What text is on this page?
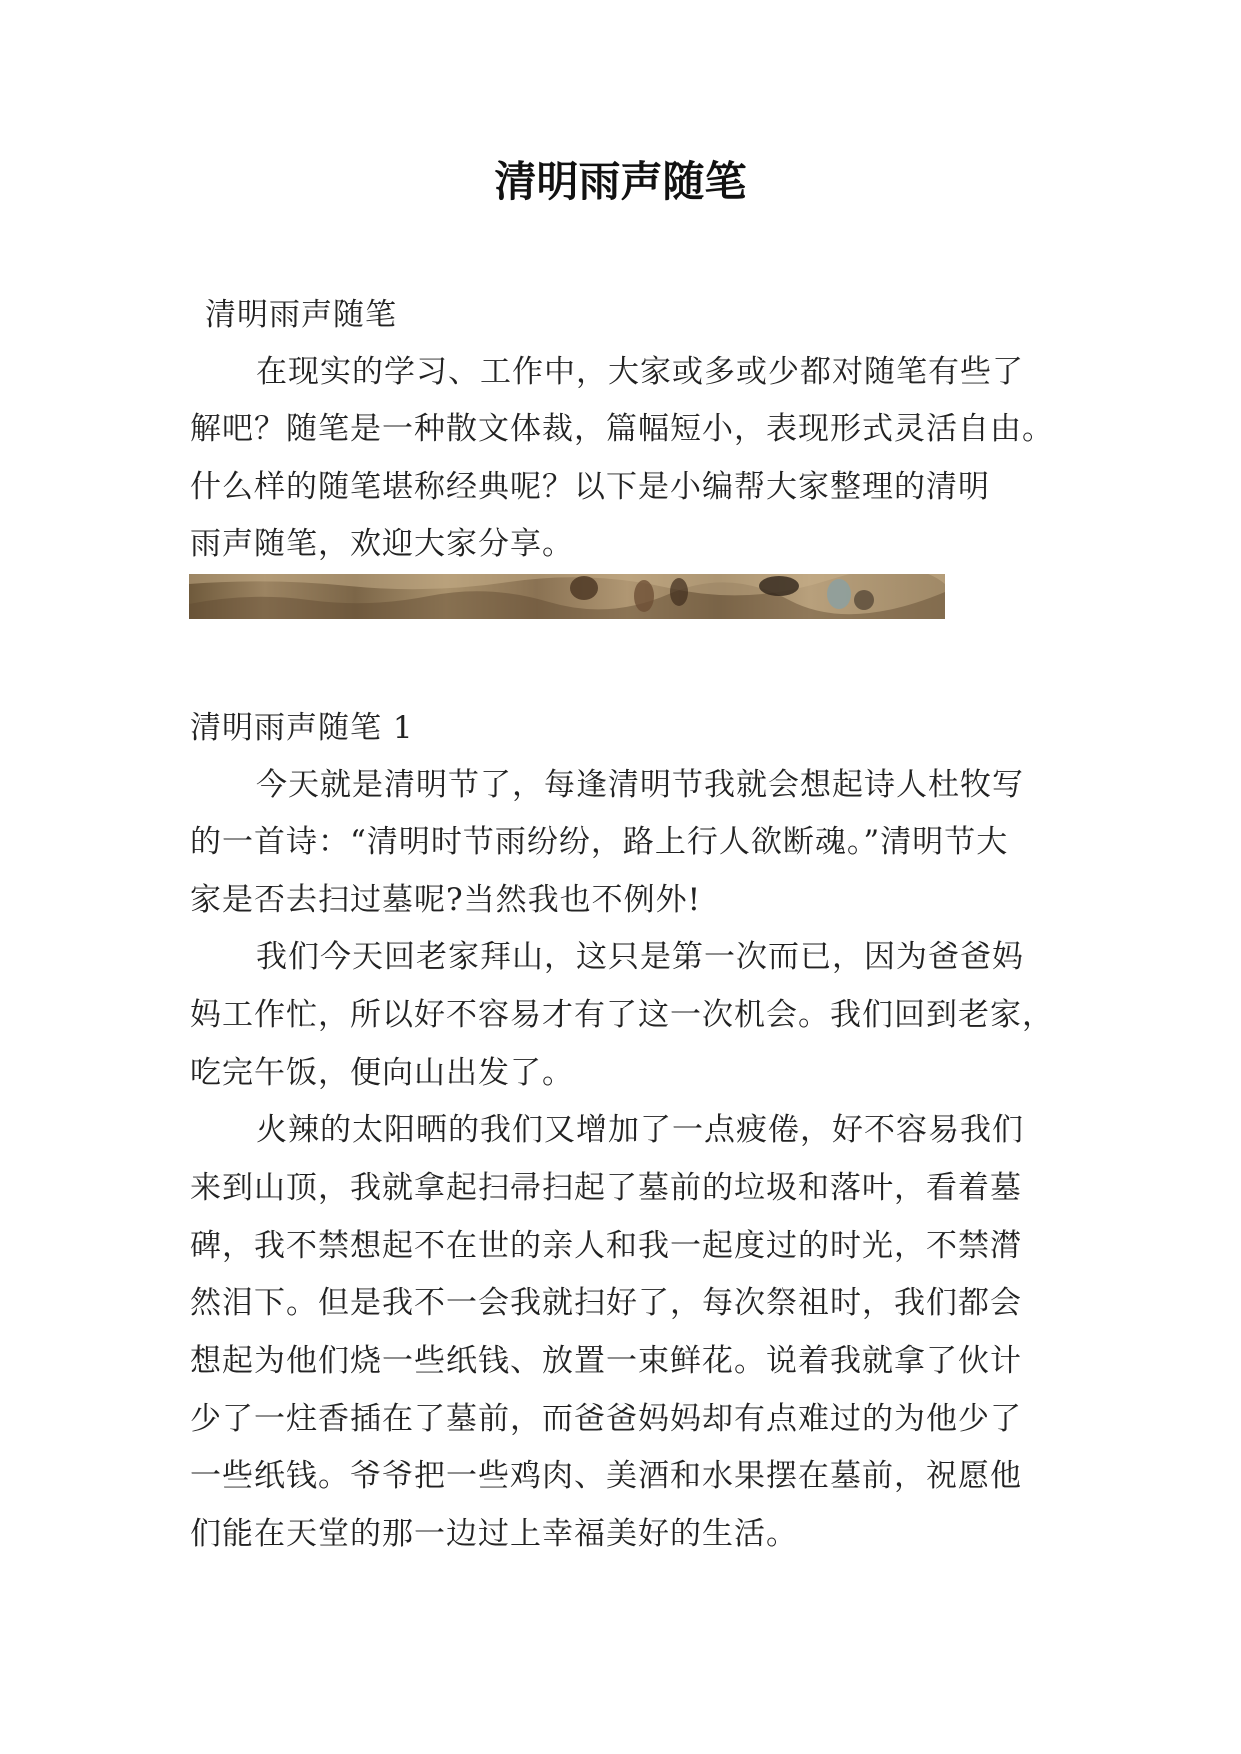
清明雨声随笔
清明雨声随笔
在现实的学习、工作中，大家或多或少都对随笔有些了
解吧？随笔是一种散文体裁，篇幅短小，表现形式灵活自由。
什么样的随笔堪称经典呢？以下是小编帮大家整理的清明
雨声随笔，欢迎大家分享。
清明雨声随笔 1
今天就是清明节了，每逢清明节我就会想起诗人杜牧写
的一首诗：“清明时节雨纷纷，路上行人欲断魂。”清明节大
家是否去扫过墓呢?当然我也不例外!
我们今天回老家拜山，这只是第一次而已，因为爸爸妈
妈工作忙，所以好不容易才有了这一次机会。我们回到老家，
吃完午饭，便向山出发了。
火辣的太阳晒的我们又增加了一点疲倦，好不容易我们
来到山顶，我就拿起扫帚扫起了墓前的垃圾和落叶，看着墓
碑，我不禁想起不在世的亲人和我一起度过的时光，不禁潸
然泪下。但是我不一会我就扫好了，每次祭祖时，我们都会
想起为他们烧一些纸钱、放置一束鲜花。说着我就拿了伙计
少了一炷香插在了墓前，而爸爸妈妈却有点难过的为他少了
一些纸钱。爷爷把一些鸡肉、美酒和水果摆在墓前，祝愿他
们能在天堂的那一边过上幸福美好的生活。
